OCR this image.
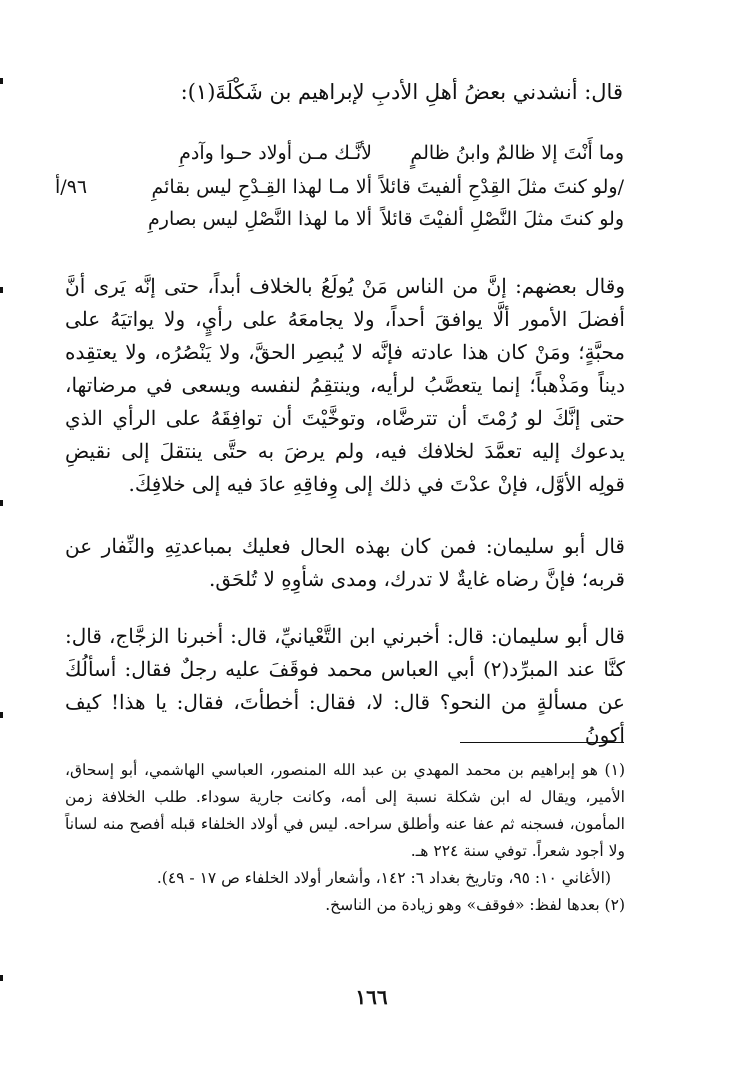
قال: أنشدني بعضُ أهلِ الأدبِ لإبراهيم بن شَكْلَةَ(١):
وما أَنْتَ إلا ظالمٌ وابنُ ظالمٍ
لأنَّـك مـن أولاد حـوا وآدمِ
/ولو كنتَ مثلَ القِدْحِ ألفيتَ قائلاً
ألا مـا لهذا القِـدْحِ ليس بقائمِ
ولو كنتَ مثلَ النَّصْلِ ألفيْتَ قائلاً
ألا ما لهذا النَّصْلِ ليس بصارمِ
٩٦/أ
وقال بعضهم: إنَّ من الناس مَنْ يُولَعُ بالخلاف أبداً، حتى إنَّه يَرى أنَّ أفضلَ الأمور ألَّا يوافقَ أحداً، ولا يجامعَهُ على رأيٍ، ولا يواتيَهُ على محبَّةٍ؛ ومَنْ كان هذا عادته فإنَّه لا يُبصِر الحقَّ، ولا يَنْصُرُه، ولا يعتقِده ديناً ومَذْهباً؛ إنما يتعصَّبُ لرأيه، وينتقِمُ لنفسه ويسعى في مرضاتها، حتى إنَّكَ لو رُمْتَ أن تترضَّاه، وتوخَّيْتَ أن توافِقَهُ على الرأي الذي يدعوك إليه تعمَّدَ لخلافك فيه، ولم يرضَ به حتَّى ينتقلَ إلى نقيضِ قولِه الأوَّل، فإنْ عدْتَ في ذلك إلى وِفاقِهِ عادَ فيه إلى خلافِكَ.
قال أبو سليمان: فمن كان بهذه الحال فعليك بمباعدتِهِ والنِّفار عن قربه؛ فإنَّ رضاه غايةٌ لا تدرك، ومدى شأوِهِ لا تُلحَق.
قال أبو سليمان: قال: أخبرني ابن التَّعْيانيِّ، قال: أخبرنا الزجَّاج، قال: كنَّا عند المبرِّد(٢) أبي العباس محمد فوقَفَ عليه رجلٌ فقال: أسألُكَ عن مسألةٍ من النحو؟ قال: لا، فقال: أخطأتَ، فقال: يا هذا! كيف أكونُ

(١) هو إبراهيم بن محمد المهدي بن عبد الله المنصور، العباسي الهاشمي، أبو إسحاق، الأمير، ويقال له ابن شكلة نسبة إلى أمه، وكانت جارية سوداء. طلب الخلافة زمن المأمون، فسجنه ثم عفا عنه وأطلق سراحه. ليس في أولاد الخلفاء قبله أفصح منه لساناً ولا أجود شعراً. توفي سنة ٢٢٤ هـ.

(الأغاني ١٠: ٩٥، وتاريخ بغداد ٦: ١٤٢، وأشعار أولاد الخلفاء ص ١٧ - ٤٩).

(٢) بعدها لفظ: «فوقف» وهو زيادة من الناسخ.

١٦٦
